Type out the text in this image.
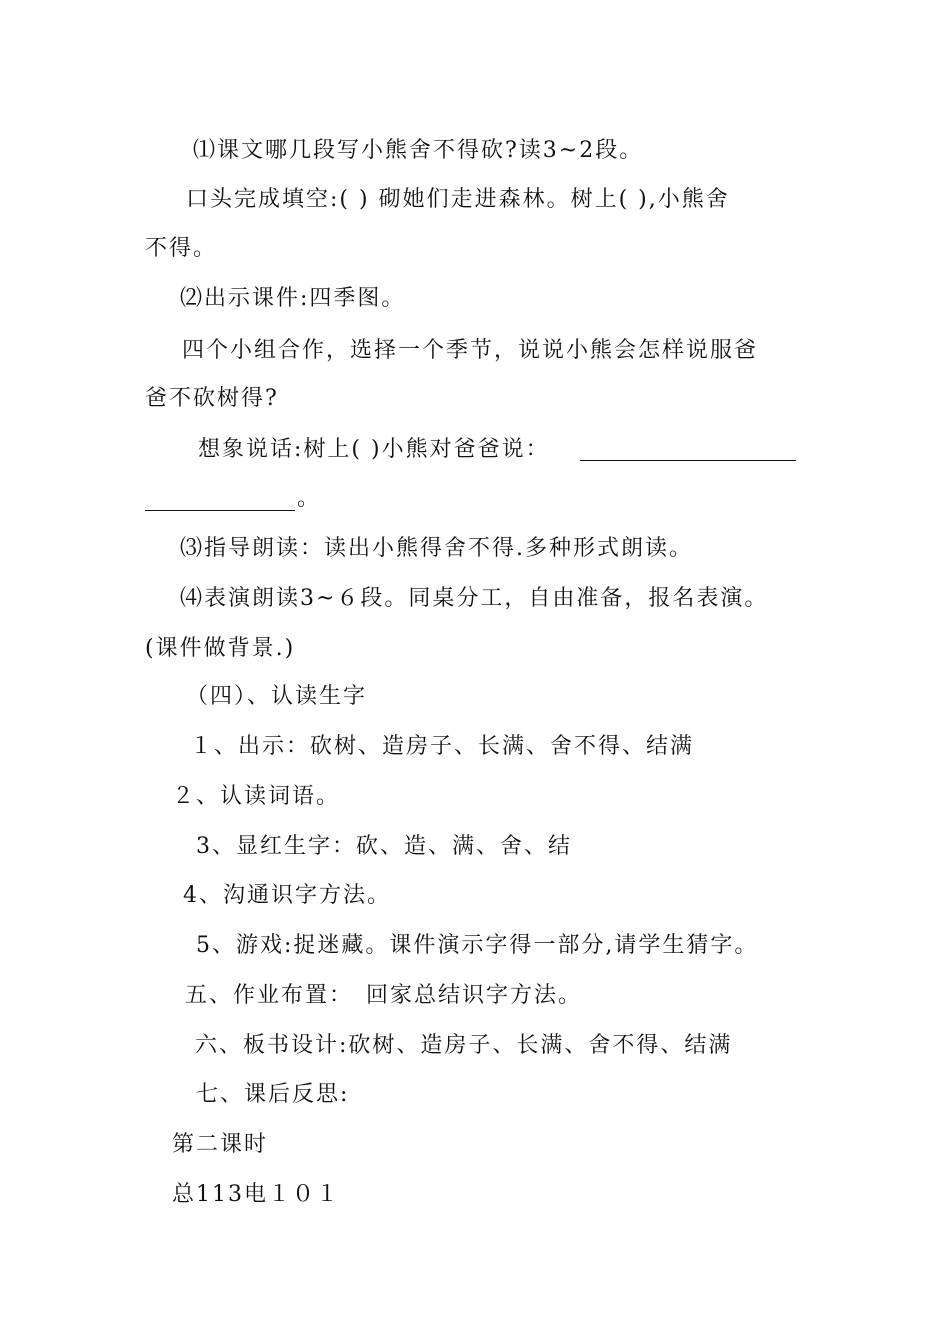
⑴课文哪几段写小熊舍不得砍?读3~2段。
口头完成填空:( ) 砌她们走进森林。树上( ),小熊舍
不得。
⑵出示课件:四季图。
四个小组合作，选择一个季节，说说小熊会怎样说服爸
爸不砍树得?
想象说话:树上( )小熊对爸爸说：
。
⑶指导朗读：读出小熊得舍不得.多种形式朗读。
⑷表演朗读3~６段。同桌分工，自由准备，报名表演。
(课件做背景.)
（四）、认读生字
１、出示：砍树、造房子、长满、舍不得、结满
２、认读词语。
3、显红生字：砍、造、满、舍、结
4、沟通识字方法。
5、游戏:捉迷藏。课件演示字得一部分,请学生猜字。
五、作业布置：　回家总结识字方法。
六、板书设计:砍树、造房子、长满、舍不得、结满
七、课后反思:
第二课时
总113电１０１
